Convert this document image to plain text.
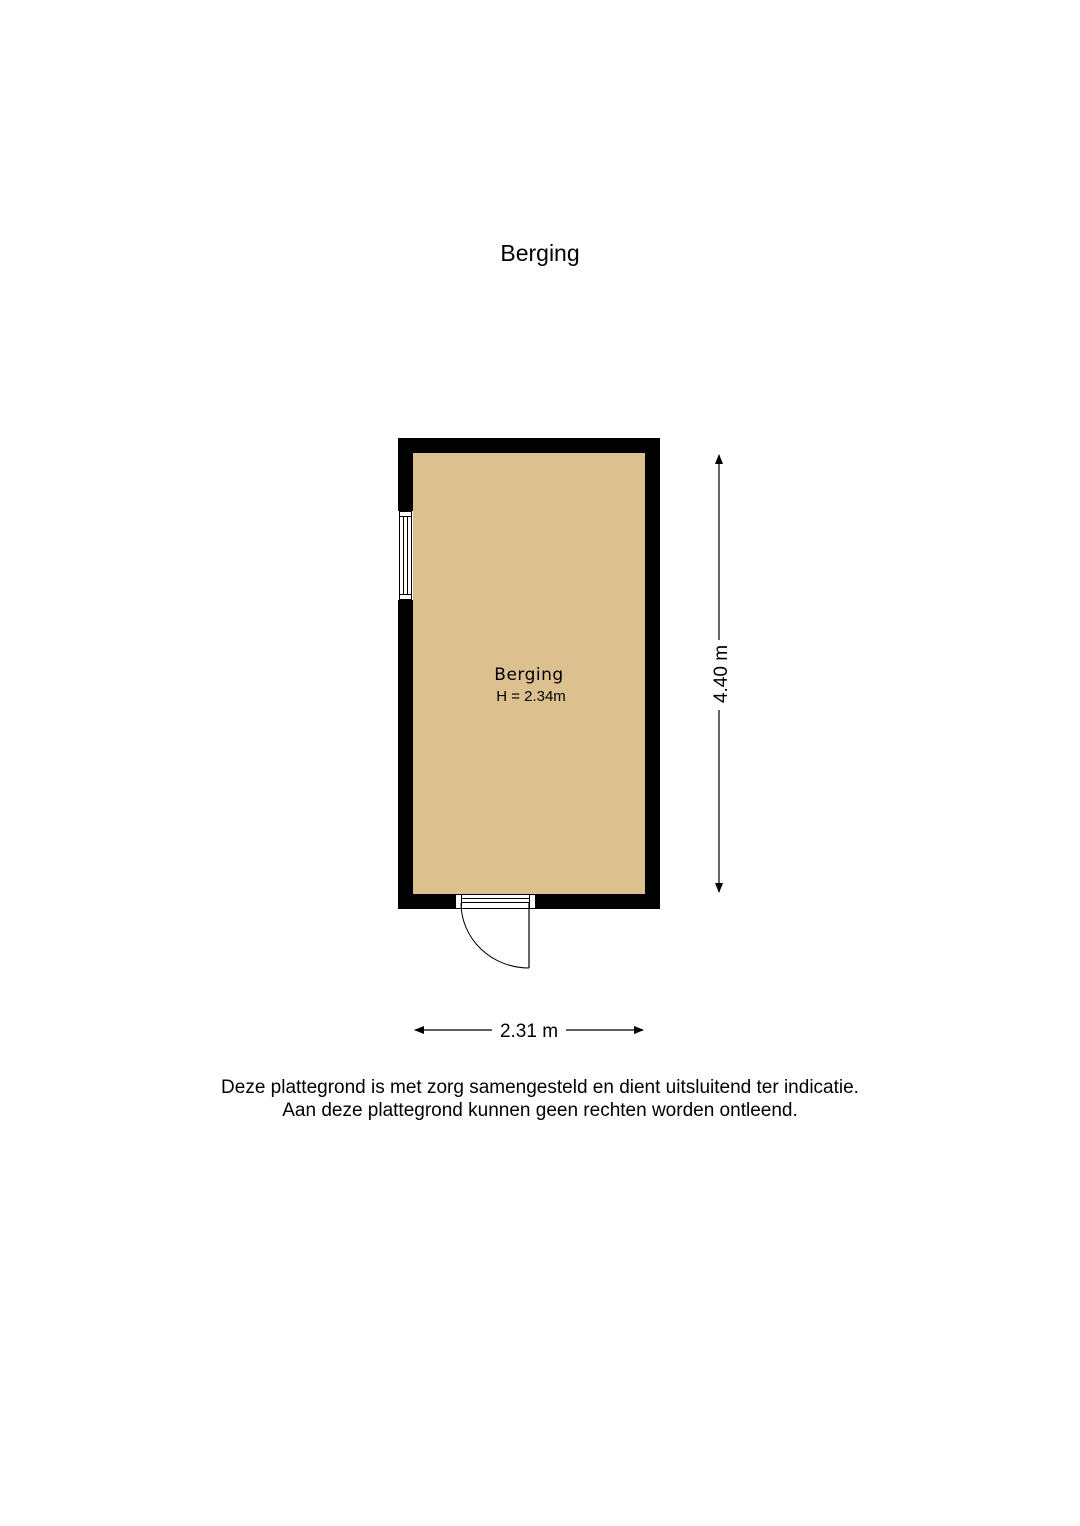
Berging
Berging
H = 2.34m	4.40 m
2.31 m
Deze plattegrond is met zorg samengesteld en dient uitsluitend ter indicatie.
Aan deze plattegrond kunnen geen rechten worden ontleend.
